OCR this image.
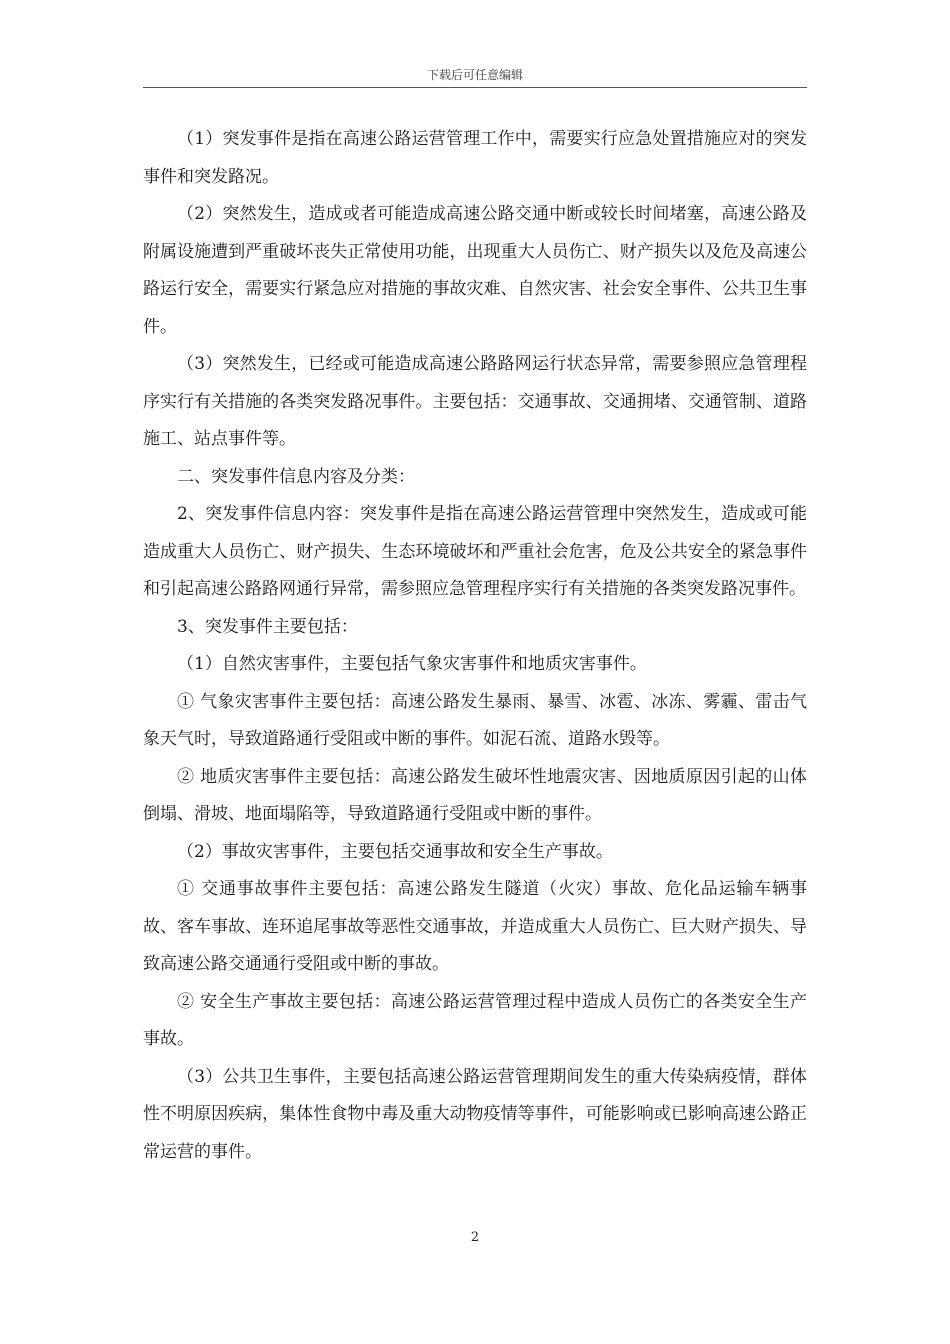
下载后可任意编辑

（1）突发事件是指在高速公路运营管理工作中，需要实行应急处置措施应对的突发事件和突发路况。

（2）突然发生，造成或者可能造成高速公路交通中断或较长时间堵塞，高速公路及附属设施遭到严重破坏丧失正常使用功能，出现重大人员伤亡、财产损失以及危及高速公路运行安全，需要实行紧急应对措施的事故灾难、自然灾害、社会安全事件、公共卫生事件。

（3）突然发生，已经或可能造成高速公路路网运行状态异常，需要参照应急管理程序实行有关措施的各类突发路况事件。主要包括：交通事故、交通拥堵、交通管制、道路施工、站点事件等。

二、突发事件信息内容及分类：

2、突发事件信息内容：突发事件是指在高速公路运营管理中突然发生，造成或可能造成重大人员伤亡、财产损失、生态环境破坏和严重社会危害，危及公共安全的紧急事件和引起高速公路路网通行异常，需参照应急管理程序实行有关措施的各类突发路况事件。

3、突发事件主要包括：

（1）自然灾害事件，主要包括气象灾害事件和地质灾害事件。

① 气象灾害事件主要包括：高速公路发生暴雨、暴雪、冰雹、冰冻、雾霾、雷击气象天气时，导致道路通行受阻或中断的事件。如泥石流、道路水毁等。

② 地质灾害事件主要包括：高速公路发生破坏性地震灾害、因地质原因引起的山体倒塌、滑坡、地面塌陷等，导致道路通行受阻或中断的事件。

（2）事故灾害事件，主要包括交通事故和安全生产事故。

① 交通事故事件主要包括：高速公路发生隧道（火灾）事故、危化品运输车辆事故、客车事故、连环追尾事故等恶性交通事故，并造成重大人员伤亡、巨大财产损失、导致高速公路交通通行受阻或中断的事故。

② 安全生产事故主要包括：高速公路运营管理过程中造成人员伤亡的各类安全生产事故。

（3）公共卫生事件，主要包括高速公路运营管理期间发生的重大传染病疫情，群体性不明原因疾病，集体性食物中毒及重大动物疫情等事件，可能影响或已影响高速公路正常运营的事件。

2
